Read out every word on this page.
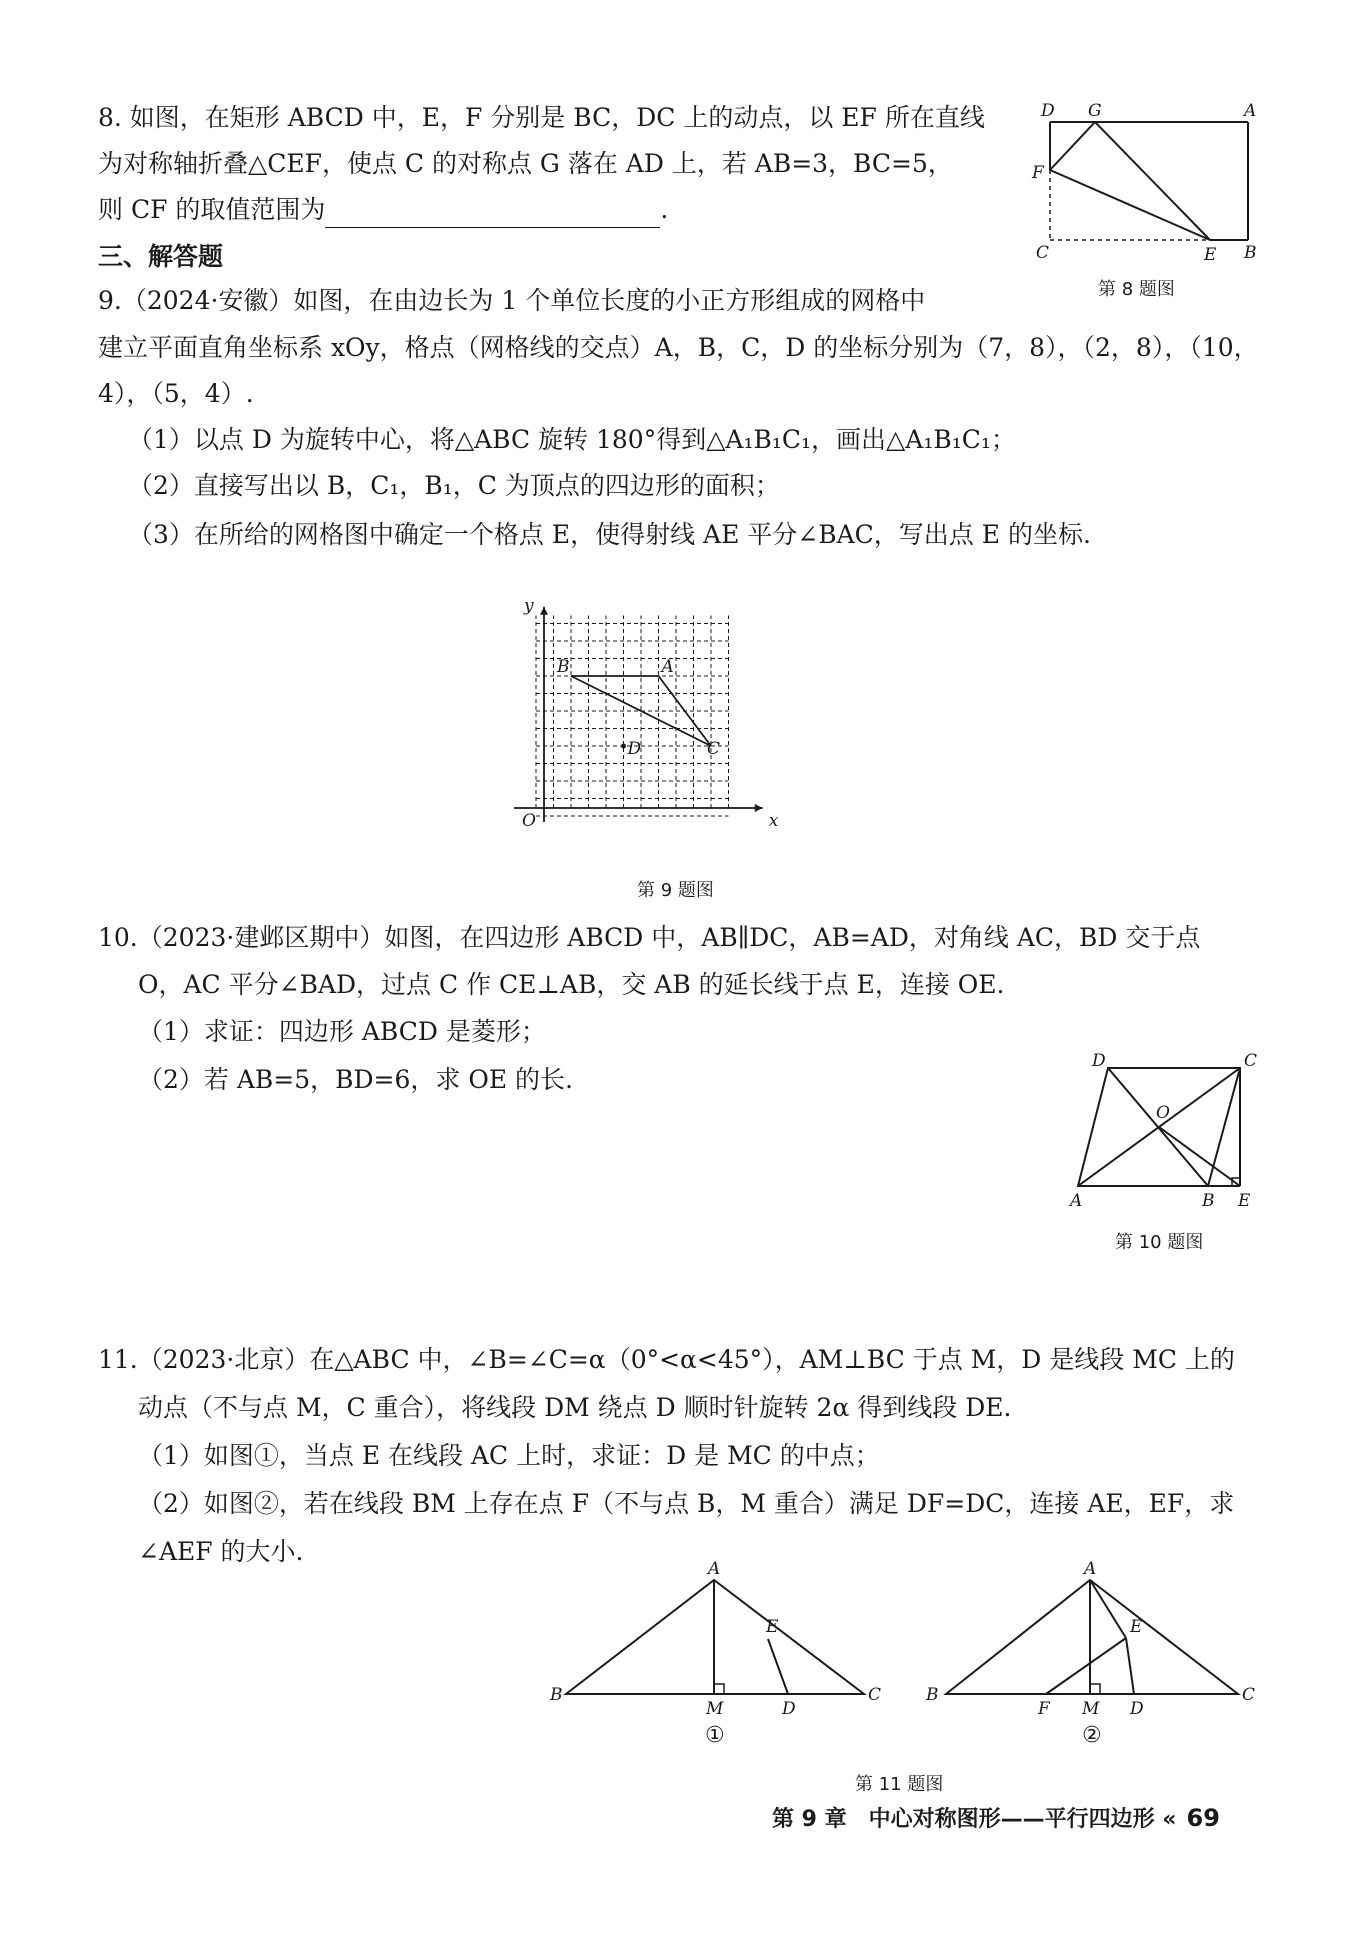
8. 如图，在矩形 ABCD 中，E，F 分别是 BC，DC 上的动点，以 EF 所在直线
为对称轴折叠△CEF，使点 C 的对称点 G 落在 AD 上，若 AB=3，BC=5，
则 CF 的取值范围为	.
D G	A
F
C	E B
第 8 题图
三、解答题
9.（2024·安徽）如图，在由边长为 1 个单位长度的小正方形组成的网格中
建立平面直角坐标系 xOy，格点（网格线的交点）A，B，C，D 的坐标分别为（7，8），（2，8），（10，
4），（5，4）.
（1）以点 D 为旋转中心，将△ABC 旋转 180°得到△A₁B₁C₁，画出△A₁B₁C₁；
（2）直接写出以 B，C₁，B₁，C 为顶点的四边形的面积；
（3）在所给的网格图中确定一个格点 E，使得射线 AE 平分∠BAC，写出点 E 的坐标.
A
B
C
D
O	x
y
第 9 题图
10.（2023·建邺区期中）如图，在四边形 ABCD 中，AB∥DC，AB=AD，对角线 AC，BD 交于点
O，AC 平分∠BAD，过点 C 作 CE⊥AB，交 AB 的延长线于点 E，连接 OE.
（1）求证：四边形 ABCD 是菱形；
（2）若 AB=5，BD=6，求 OE 的长.
D	C
O
A	B E
第 10 题图
11.（2023·北京）在△ABC 中，∠B=∠C=α（0°<α<45°），AM⊥BC 于点 M，D 是线段 MC 上的
动点（不与点 M，C 重合），将线段 DM 绕点 D 顺时针旋转 2α 得到线段 DE.
（1）如图①，当点 E 在线段 AC 上时，求证：D 是 MC 的中点；
（2）如图②，若在线段 BM 上存在点 F（不与点 B，M 重合）满足 DF=DC，连接 AE，EF，求
∠AEF 的大小.
A
E
B
M	D
C
①
A
E
B
F M D
C
②
第 11 题图
第 9 章　中心对称图形——平行四边形 « 69
